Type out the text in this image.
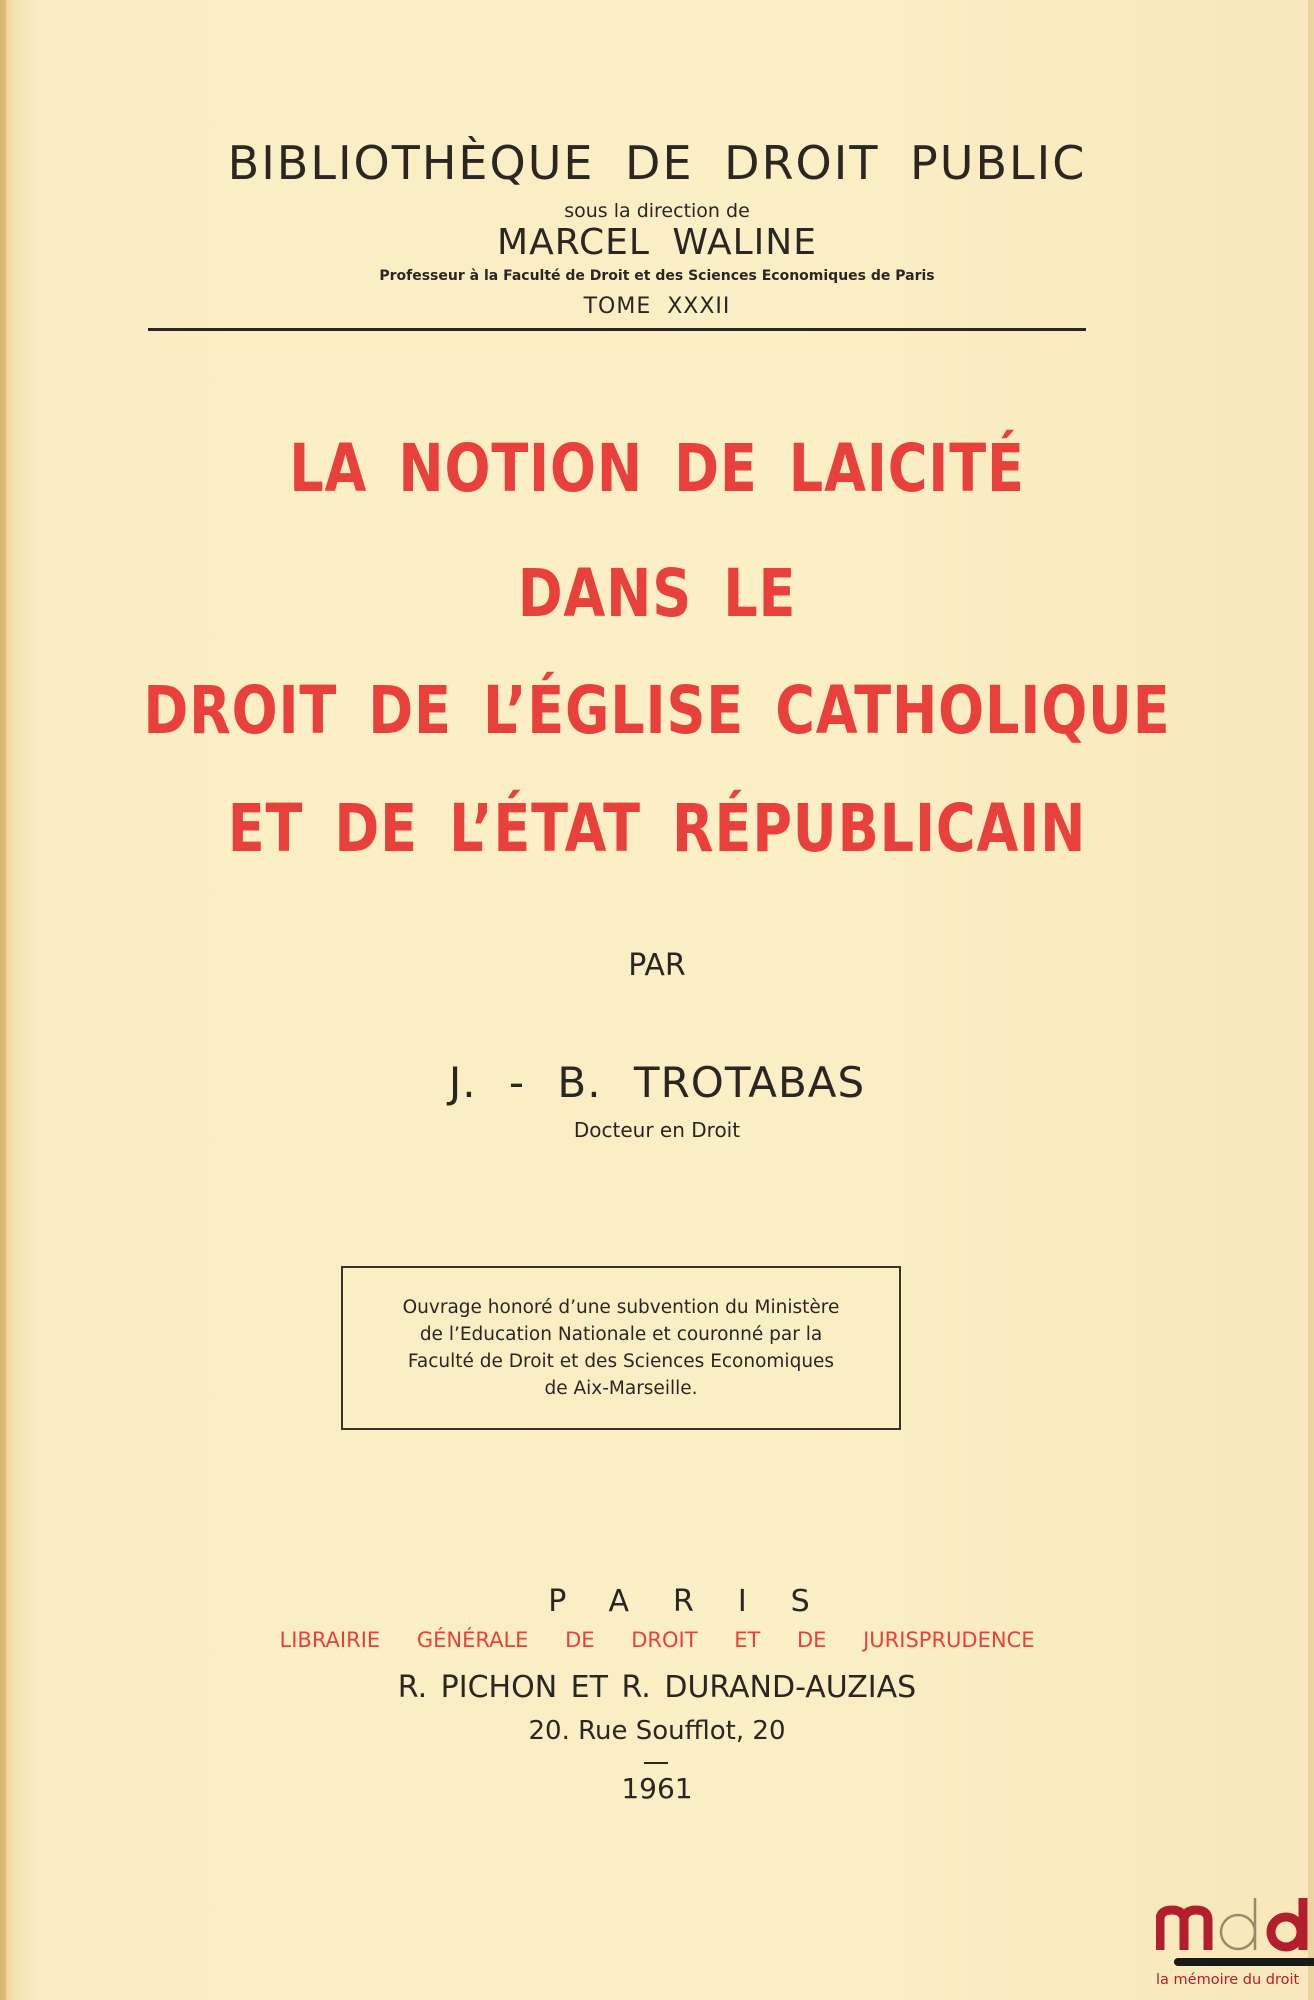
BIBLIOTHÈQUE DE DROIT PUBLIC
sous la direction de
MARCEL WALINE
Professeur à la Faculté de Droit et des Sciences Economiques de Paris
TOME XXXII
LA NOTION DE LAICITÉ
DANS LE
DROIT DE L’ÉGLISE CATHOLIQUE
ET DE L’ÉTAT RÉPUBLICAIN
PAR
J. - B. TROTABAS
Docteur en Droit
Ouvrage honoré d’une subvention du Ministère
de l’Education Nationale et couronné par la
Faculté de Droit et des Sciences Economiques
de Aix-Marseille.
PARIS
LIBRAIRIE GÉNÉRALE DE DROIT ET DE JURISPRUDENCE
R. PICHON ET R. DURAND-AUZIAS
20. Rue Soufflot, 20
1961
la mémoire du droit
